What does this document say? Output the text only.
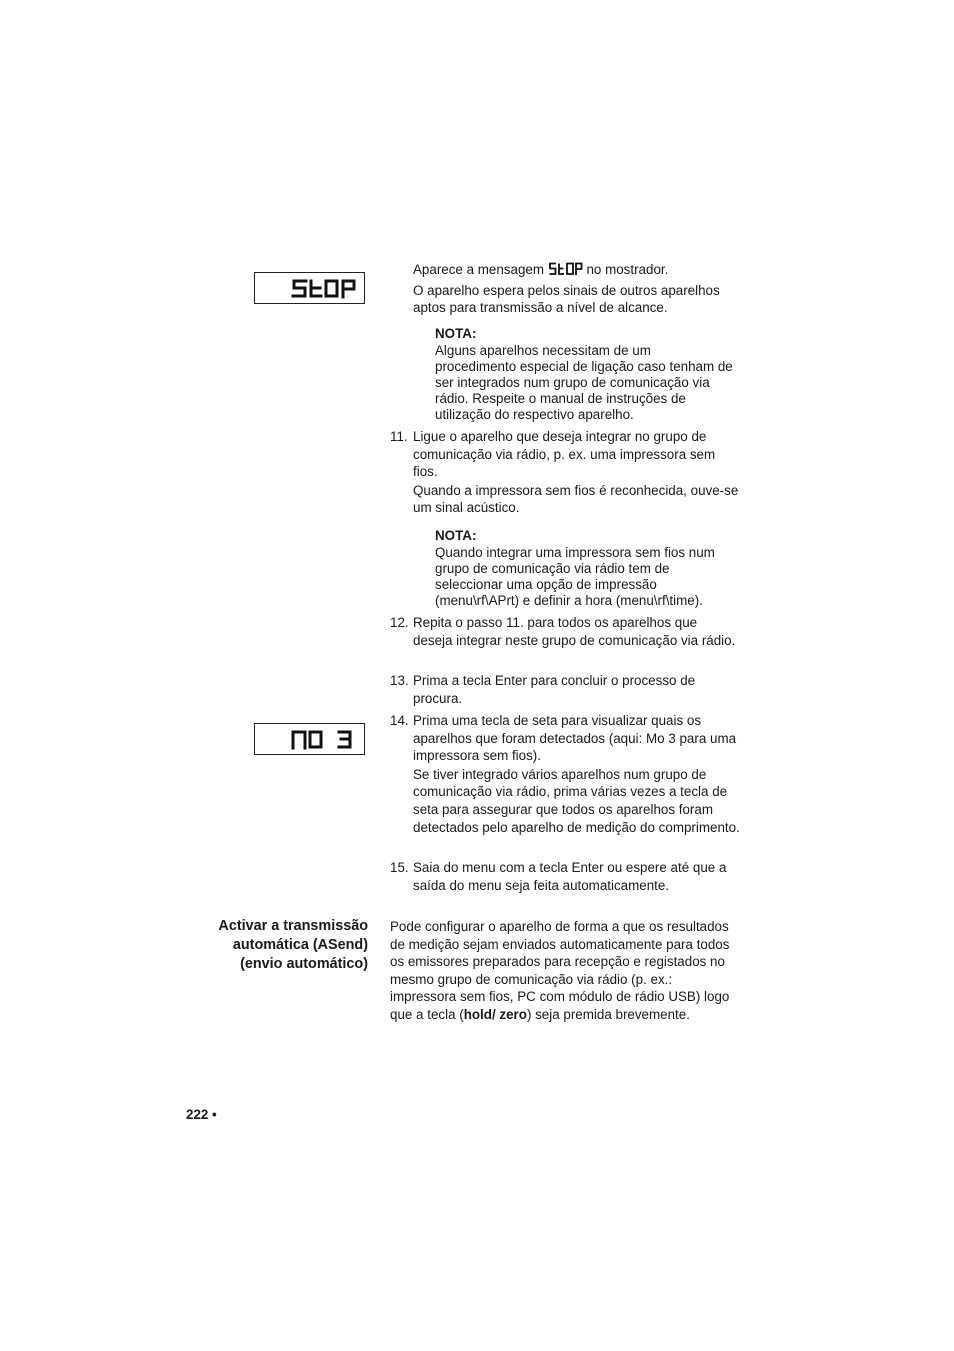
Aparece a mensagem	no mostrador.

O aparelho espera pelos sinais de outros aparelhos aptos para transmissão a nível de alcance.

NOTA:

Alguns aparelhos necessitam de um procedimento especial de ligação caso tenham de ser integrados num grupo de comunicação via rádio. Respeite o manual de instruções de utilização do respectivo aparelho.

11. Ligue o aparelho que deseja integrar no grupo de comunicação via rádio, p. ex. uma impressora sem fios.

Quando a impressora sem fios é reconhecida, ouve-se um sinal acústico.

NOTA:

Quando integrar uma impressora sem fios num grupo de comunicação via rádio tem de seleccionar uma opção de impressão (menu\rf\APrt) e definir a hora (menu\rf\time).

12. Repita o passo 11. para todos os aparelhos que deseja integrar neste grupo de comunicação via rádio.

13. Prima a tecla Enter para concluir o processo de procura.

14. Prima uma tecla de seta para visualizar quais os aparelhos que foram detectados (aqui: Mo 3 para uma impressora sem fios).

Se tiver integrado vários aparelhos num grupo de comunicação via rádio, prima várias vezes a tecla de seta para assegurar que todos os aparelhos foram detectados pelo aparelho de medição do comprimento.

15. Saia do menu com a tecla Enter ou espere até que a saída do menu seja feita automaticamente.

Activar a transmissão
automática (ASend)
(envio automático)
Pode configurar o aparelho de forma a que os resultados de medição sejam enviados automaticamente para todos os emissores preparados para recepção e registados no mesmo grupo de comunicação via rádio (p. ex.: impressora sem fios, PC com módulo de rádio USB) logo que a tecla (hold/ zero) seja premida brevemente.
222 •
